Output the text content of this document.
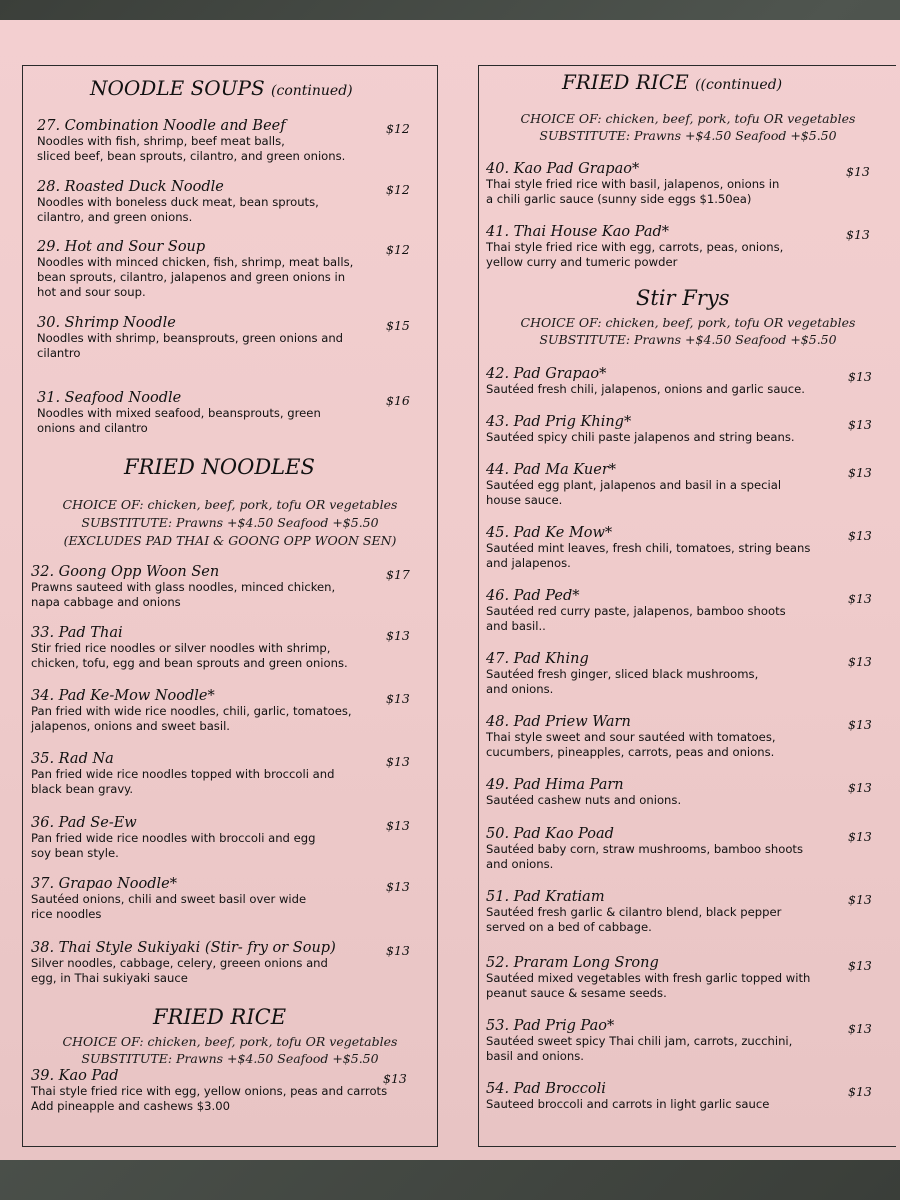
NOODLE SOUPS (continued)
FRIED NOODLES
CHOICE OF: chicken, beef, pork, tofu OR vegetables
SUBSTITUTE: Prawns +$4.50 Seafood +$5.50
(EXCLUDES PAD THAI & GOONG OPP WOON SEN)
FRIED RICE
CHOICE OF: chicken, beef, pork, tofu OR vegetables
SUBSTITUTE: Prawns +$4.50 Seafood +$5.50
FRIED RICE ((continued)
CHOICE OF: chicken, beef, pork, tofu OR vegetables
SUBSTITUTE: Prawns +$4.50 Seafood +$5.50
Stir Frys
CHOICE OF: chicken, beef, pork, tofu OR vegetables
SUBSTITUTE: Prawns +$4.50 Seafood +$5.50
27. Combination Noodle and Beef
Noodles with fish, shrimp, beef meat balls,
sliced beef, bean sprouts, cilantro, and green onions.
$12
28. Roasted Duck Noodle
Noodles with boneless duck meat, bean sprouts,
cilantro, and green onions.
$12
29. Hot and Sour Soup
Noodles with minced chicken, fish, shrimp, meat balls,
bean sprouts, cilantro, jalapenos and green onions in
hot and sour soup.
$12
30. Shrimp Noodle
Noodles with shrimp, beansprouts, green onions and
cilantro
$15
31. Seafood Noodle
Noodles with mixed seafood, beansprouts, green
onions and cilantro
$16
32. Goong Opp Woon Sen
Prawns sauteed with glass noodles, minced chicken,
napa cabbage and onions
$17
33. Pad Thai
Stir fried rice noodles or silver noodles with shrimp,
chicken, tofu, egg and bean sprouts and green onions.
$13
34. Pad Ke-Mow Noodle*
Pan fried with wide rice noodles, chili, garlic, tomatoes,
jalapenos, onions and sweet basil.
$13
35. Rad Na
Pan fried wide rice noodles topped with broccoli and
black bean gravy.
$13
36. Pad Se-Ew
Pan fried wide rice noodles with broccoli and egg
soy bean style.
$13
37. Grapao Noodle*
Sautéed onions, chili and sweet basil over wide
rice noodles
$13
38. Thai Style Sukiyaki (Stir- fry or Soup)
Silver noodles, cabbage, celery, greeen onions and
egg, in Thai sukiyaki sauce
$13
39. Kao Pad
Thai style fried rice with egg, yellow onions, peas and carrots
Add pineapple and cashews $3.00
$13
40. Kao Pad Grapao*
Thai style fried rice with basil, jalapenos, onions in
a chili garlic sauce (sunny side eggs $1.50ea)
$13
41. Thai House Kao Pad*
Thai style fried rice with egg, carrots, peas, onions,
yellow curry and tumeric powder
$13
42. Pad Grapao*
Sautéed fresh chili, jalapenos, onions and garlic sauce.
$13
43. Pad Prig Khing*
Sautéed spicy chili paste jalapenos and string beans.
$13
44. Pad Ma Kuer*
Sautéed egg plant, jalapenos and basil in a special
house sauce.
$13
45. Pad Ke Mow*
Sautéed mint leaves, fresh chili, tomatoes, string beans
and jalapenos.
$13
46. Pad Ped*
Sautéed red curry paste, jalapenos, bamboo shoots
and basil..
$13
47. Pad Khing
Sautéed fresh ginger, sliced black mushrooms,
and onions.
$13
48. Pad Priew Warn
Thai style sweet and sour sautéed with tomatoes,
cucumbers, pineapples, carrots, peas and onions.
$13
49. Pad Hima Parn
Sautéed cashew nuts and onions.
$13
50. Pad Kao Poad
Sautéed baby corn, straw mushrooms, bamboo shoots
and onions.
$13
51. Pad Kratiam
Sautéed fresh garlic & cilantro blend, black pepper
served on a bed of cabbage.
$13
52. Praram Long Srong
Sautéed mixed vegetables with fresh garlic topped with
peanut sauce & sesame seeds.
$13
53. Pad Prig Pao*
Sautéed sweet spicy Thai chili jam, carrots, zucchini,
basil and onions.
$13
54. Pad Broccoli
Sauteed broccoli and carrots in light garlic sauce
$13
